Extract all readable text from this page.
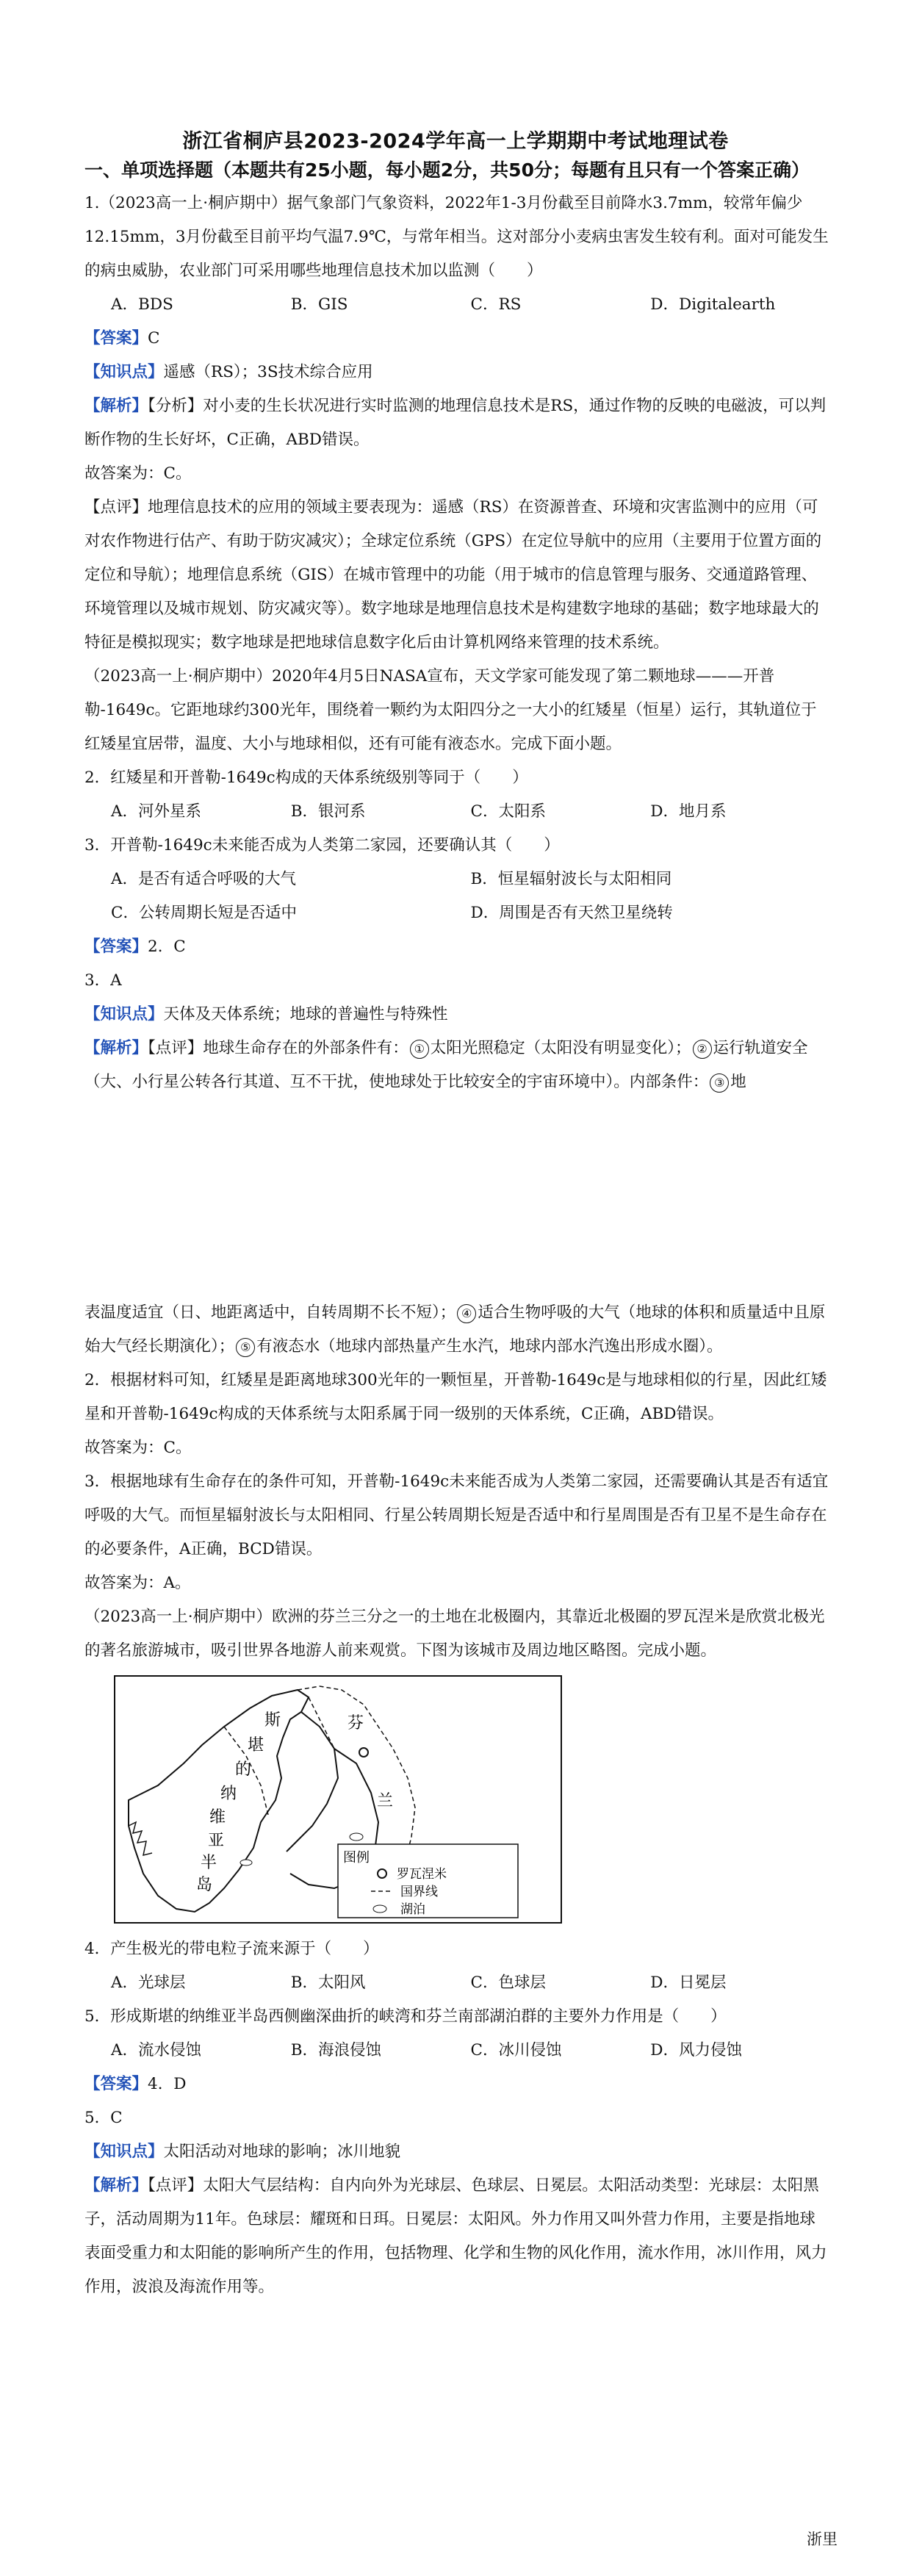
浙江省桐庐县2023-2024学年高一上学期期中考试地理试卷
一、单项选择题（本题共有25小题，每小题2分，共50分；每题有且只有一个答案正确）

1.（2023高一上·桐庐期中）据气象部门气象资料，2022年1-3月份截至目前降水3.7mm，较常年偏少12.15mm，3月份截至目前平均气温7.9℃，与常年相当。这对部分小麦病虫害发生较有利。面对可能发生的病虫威胁，农业部门可采用哪些地理信息技术加以监测（　　）

A．BDS	B．GIS	C．RS	D．Digitalearth

【答案】C

【知识点】遥感（RS）；3S技术综合应用

【解析】【分析】对小麦的生长状况进行实时监测的地理信息技术是RS，通过作物的反映的电磁波，可以判断作物的生长好坏，C正确，ABD错误。

故答案为：C。

【点评】地理信息技术的应用的领域主要表现为：遥感（RS）在资源普查、环境和灾害监测中的应用（可对农作物进行估产、有助于防灾减灾）；全球定位系统（GPS）在定位导航中的应用（主要用于位置方面的定位和导航）；地理信息系统（GIS）在城市管理中的功能（用于城市的信息管理与服务、交通道路管理、环境管理以及城市规划、防灾减灾等）。数字地球是地理信息技术是构建数字地球的基础；数字地球最大的特征是模拟现实；数字地球是把地球信息数字化后由计算机网络来管理的技术系统。

（2023高一上·桐庐期中）2020年4月5日NASA宣布，天文学家可能发现了第二颗地球———开普勒-1649c。它距地球约300光年，围绕着一颗约为太阳四分之一大小的红矮星（恒星）运行，其轨道位于红矮星宜居带，温度、大小与地球相似，还有可能有液态水。完成下面小题。

2．红矮星和开普勒-1649c构成的天体系统级别等同于（　　）

A．河外星系	B．银河系	C．太阳系	D．地月系

3．开普勒-1649c未来能否成为人类第二家园，还要确认其（　　）

A．是否有适合呼吸的大气	B．恒星辐射波长与太阳相同
C．公转周期长短是否适中	D．周围是否有天然卫星绕转

【答案】2．C

3．A

【知识点】天体及天体系统；地球的普遍性与特殊性

【解析】【点评】地球生命存在的外部条件有： ① 太阳光照稳定（太阳没有明显变化）； ② 运行轨道安全（大、小行星公转各行其道、互不干扰，使地球处于比较安全的宇宙环境中）。内部条件： ③ 地

表温度适宜（日、地距离适中，自转周期不长不短）； ④ 适合生物呼吸的大气（地球的体积和质量适中且原始大气经长期演化）； ⑤ 有液态水（地球内部热量产生水汽，地球内部水汽逸出形成水圈）。

2．根据材料可知，红矮星是距离地球300光年的一颗恒星，开普勒-1649c是与地球相似的行星，因此红矮星和开普勒-1649c构成的天体系统与太阳系属于同一级别的天体系统，C正确，ABD错误。

故答案为：C。

3．根据地球有生命存在的条件可知，开普勒-1649c未来能否成为人类第二家园，还需要确认其是否有适宜呼吸的大气。而恒星辐射波长与太阳相同、行星公转周期长短是否适中和行星周围是否有卫星不是生命存在的必要条件，A正确，BCD错误。

故答案为：A。

（2023高一上·桐庐期中）欧洲的芬兰三分之一的土地在北极圈内，其靠近北极圈的罗瓦涅米是欣赏北极光的著名旅游城市，吸引世界各地游人前来观赏。下图为该城市及周边地区略图。完成小题。

斯
堪
的
纳
维
亚
半
岛
芬
兰
图例
罗瓦涅米
国界线
湖泊

4．产生极光的带电粒子流来源于（　　）

A．光球层	B．太阳风	C．色球层	D．日冕层

5．形成斯堪的纳维亚半岛西侧幽深曲折的峡湾和芬兰南部湖泊群的主要外力作用是（　　）

A．流水侵蚀	B．海浪侵蚀	C．冰川侵蚀	D．风力侵蚀

【答案】4．D

5．C

【知识点】太阳活动对地球的影响；冰川地貌

【解析】【点评】太阳大气层结构：自内向外为光球层、色球层、日冕层。太阳活动类型：光球层：太阳黑子，活动周期为11年。色球层：耀斑和日珥。日冕层：太阳风。外力作用又叫外营力作用，主要是指地球表面受重力和太阳能的影响所产生的作用，包括物理、化学和生物的风化作用，流水作用，冰川作用，风力作用，波浪及海流作用等。

浙里
